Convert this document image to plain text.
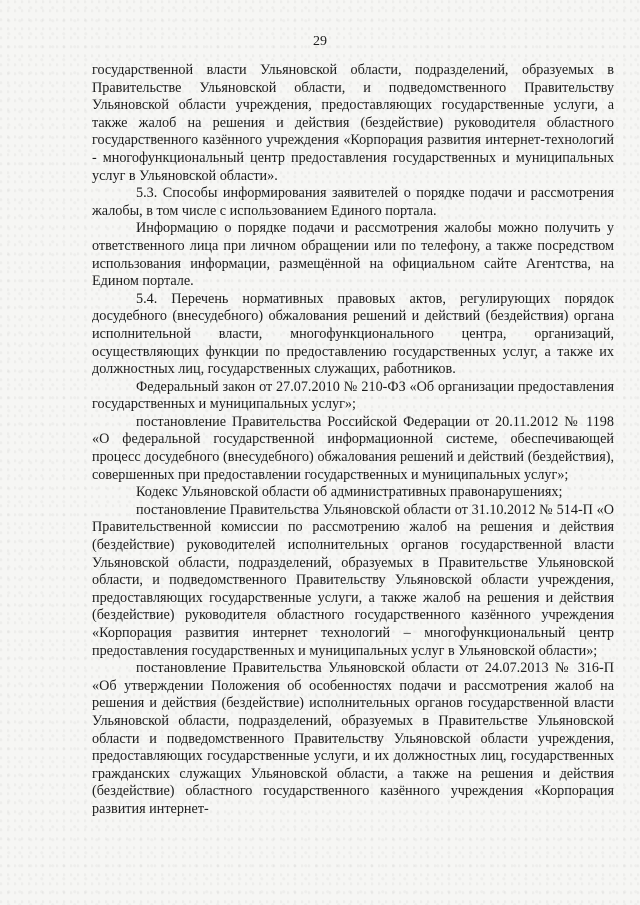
29

государственной власти Ульяновской области, подразделений, образуемых в Правительстве Ульяновской области, и подведомственного Правительству Ульяновской области учреждения, предоставляющих государственные услуги, а также жалоб на решения и действия (бездействие) руководителя областного государственного казённого учреждения «Корпорация развития интернет-технологий - многофункциональный центр предоставления государственных и муниципальных услуг в Ульяновской области».

5.3. Способы информирования заявителей о порядке подачи и рассмотрения жалобы, в том числе с использованием Единого портала.

Информацию о порядке подачи и рассмотрения жалобы можно получить у ответственного лица при личном обращении или по телефону, а также посредством использования информации, размещённой на официальном сайте Агентства, на Едином портале.

5.4. Перечень нормативных правовых актов, регулирующих порядок досудебного (внесудебного) обжалования решений и действий (бездействия) органа исполнительной власти, многофункционального центра, организаций, осуществляющих функции по предоставлению государственных услуг, а также их должностных лиц, государственных служащих, работников.

Федеральный закон от 27.07.2010 № 210-ФЗ «Об организации предоставления государственных и муниципальных услуг»;

постановление Правительства Российской Федерации от 20.11.2012 № 1198 «О федеральной государственной информационной системе, обеспечивающей процесс досудебного (внесудебного) обжалования решений и действий (бездействия), совершенных при предоставлении государственных и муниципальных услуг»;

Кодекс Ульяновской области об административных правонарушениях;

постановление Правительства Ульяновской области от 31.10.2012 № 514-П «О Правительственной комиссии по рассмотрению жалоб на решения и действия (бездействие) руководителей исполнительных органов государственной власти Ульяновской области, подразделений, образуемых в Правительстве Ульяновской области, и подведомственного Правительству Ульяновской области учреждения, предоставляющих государственные услуги, а также жалоб на решения и действия (бездействие) руководителя областного государственного казённого учреждения «Корпорация развития интернет технологий – многофункциональный центр предоставления государственных и муниципальных услуг в Ульяновской области»;

постановление Правительства Ульяновской области от 24.07.2013 № 316-П «Об утверждении Положения об особенностях подачи и рассмотрения жалоб на решения и действия (бездействие) исполнительных органов государственной власти Ульяновской области, подразделений, образуемых в Правительстве Ульяновской области и подведомственного Правительству Ульяновской области учреждения, предоставляющих государственные услуги, и их должностных лиц, государственных гражданских служащих Ульяновской области, а также на решения и действия (бездействие) областного государственного казённого учреждения «Корпорация развития интернет-
